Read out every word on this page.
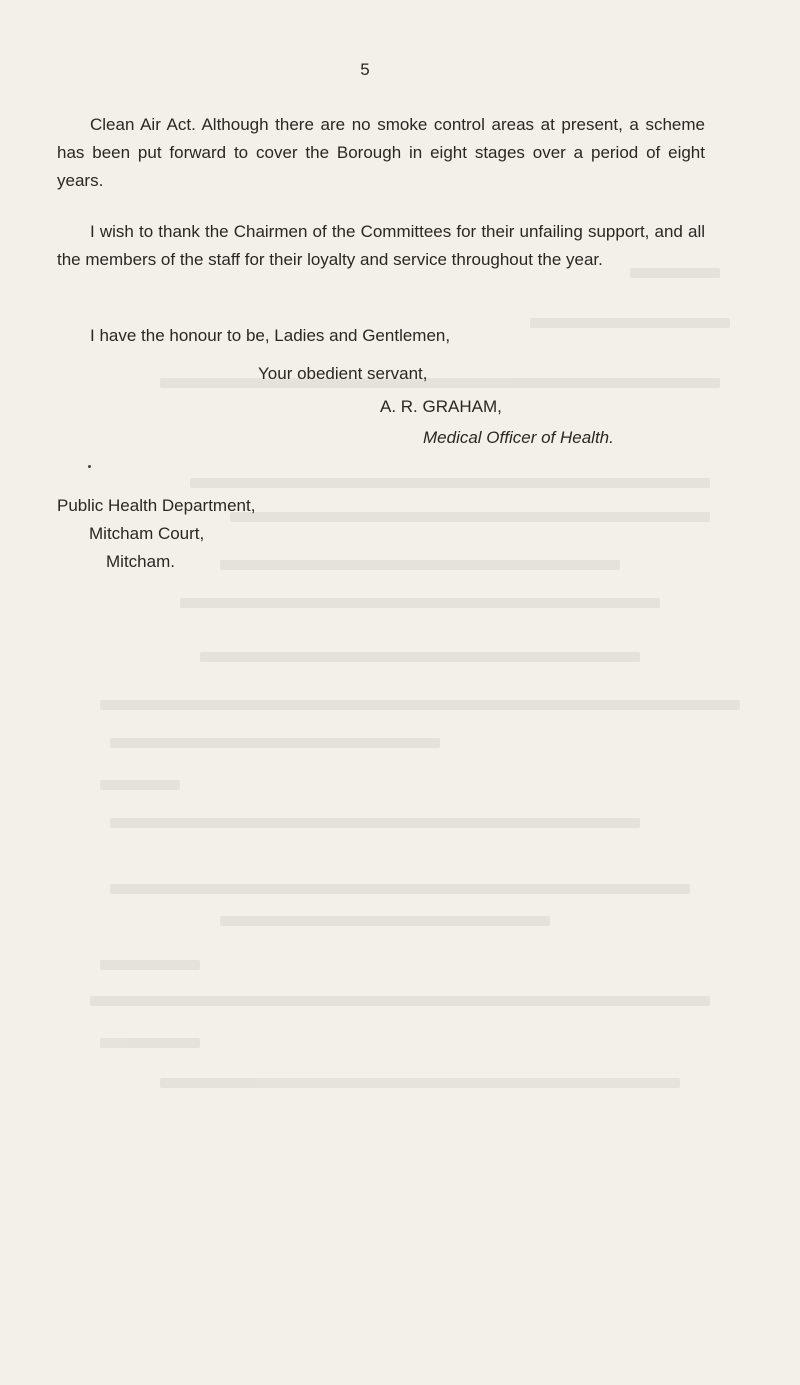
5

Clean Air Act. Although there are no smoke control areas at present, a scheme has been put forward to cover the Borough in eight stages over a period of eight years.

I wish to thank the Chairmen of the Committees for their unfailing support, and all the members of the staff for their loyalty and service throughout the year.

I have the honour to be, Ladies and Gentlemen,

Your obedient servant,
A. R. GRAHAM,
Medical Officer of Health.
Public Health Department,
Mitcham Court,
Mitcham.
